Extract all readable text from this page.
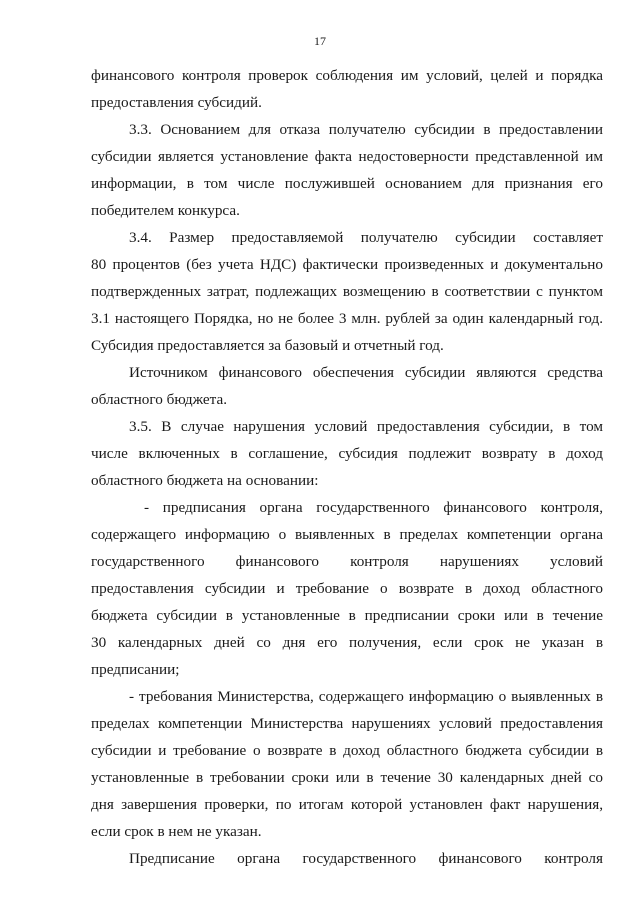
17
финансового контроля проверок соблюдения им условий, целей и порядка
предоставления субсидий.
3.3. Основанием для отказа получателю субсидии в предоставлении
субсидии является установление факта недостоверности представленной им
информации, в том числе послужившей основанием для признания его
победителем конкурса.
3.4. Размер предоставляемой получателю субсидии составляет
80 процентов (без учета НДС) фактически произведенных и документально
подтвержденных затрат, подлежащих возмещению в соответствии с пунктом
3.1 настоящего Порядка, но не более 3 млн. рублей за один календарный год.
Субсидия предоставляется за базовый и отчетный год.
Источником финансового обеспечения субсидии являются средства
областного бюджета.
3.5. В случае нарушения условий предоставления субсидии, в том
числе включенных в соглашение, субсидия подлежит возврату в доход
областного бюджета на основании:
- предписания органа государственного финансового контроля,
содержащего информацию о выявленных в пределах компетенции органа
государственного финансового контроля нарушениях условий
предоставления субсидии и требование о возврате в доход областного
бюджета субсидии в установленные в предписании сроки или в течение
30 календарных дней со дня его получения, если срок не указан в
предписании;
- требования Министерства, содержащего информацию о выявленных в
пределах компетенции Министерства нарушениях условий предоставления
субсидии и требование о возврате в доход областного бюджета субсидии в
установленные в требовании сроки или в течение 30 календарных дней со
дня завершения проверки, по итогам которой установлен факт нарушения,
если срок в нем не указан.
Предписание органа государственного финансового контроля
